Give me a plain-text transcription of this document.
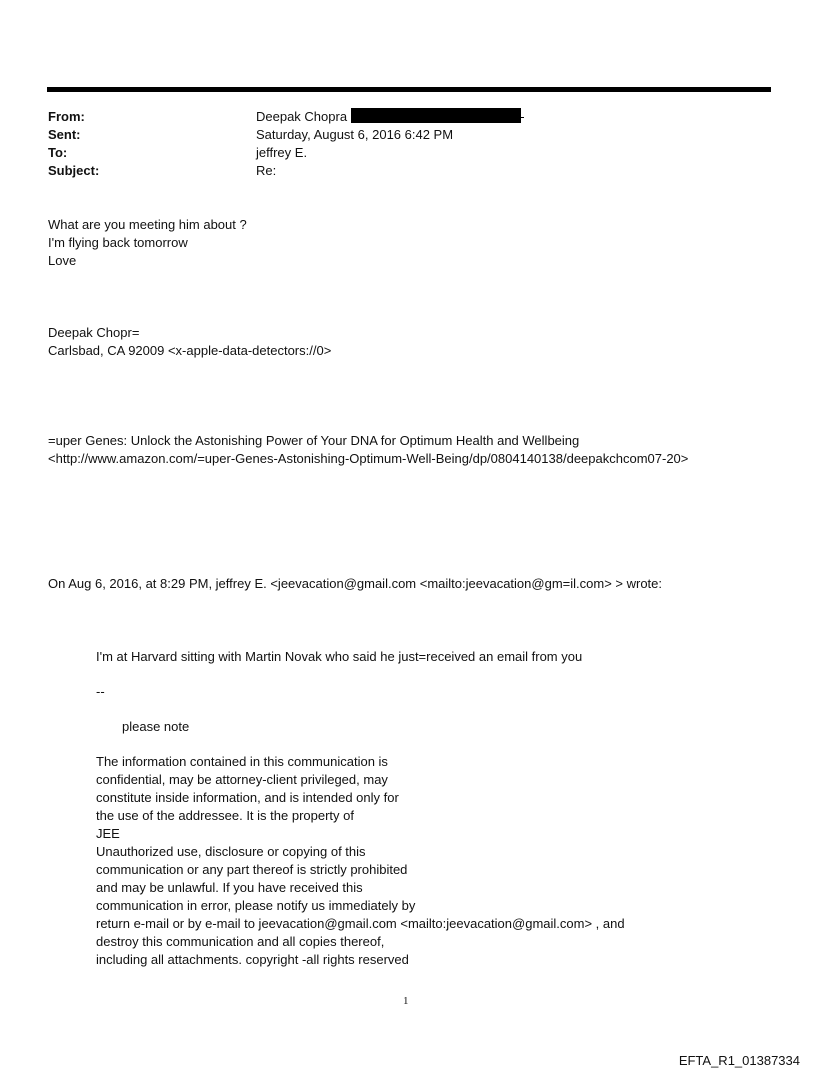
From:	Deepak Chopra
Sent:	Saturday, August 6, 2016 6:42 PM
To:	jeffrey E.
Subject:	Re:
What are you meeting him about ?
I'm flying back tomorrow
Love
Deepak Chopr=
Carlsbad, CA 92009 <x-apple-data-detectors://0>
=uper Genes: Unlock the Astonishing Power of Your DNA for Optimum Health and Wellbeing
<http://www.amazon.com/=uper-Genes-Astonishing-Optimum-Well-Being/dp/0804140138/deepakchcom07-20>
On Aug 6, 2016, at 8:29 PM, jeffrey E. <jeevacation@gmail.com <mailto:jeevacation@gm=il.com> > wrote:
I'm at Harvard sitting with Martin Novak who said he just=received an email from you
--
please note
The information contained in this communication is
confidential, may be attorney-client privileged, may
constitute inside information, and is intended only for
the use of the addressee. It is the property of
JEE
Unauthorized use, disclosure or copying of this
communication or any part thereof is strictly prohibited
and may be unlawful. If you have received this
communication in error, please notify us immediately by
return e-mail or by e-mail to jeevacation@gmail.com <mailto:jeevacation@gmail.com> , and
destroy this communication and all copies thereof,
including all attachments. copyright -all rights reserved
1
EFTA_R1_01387334
